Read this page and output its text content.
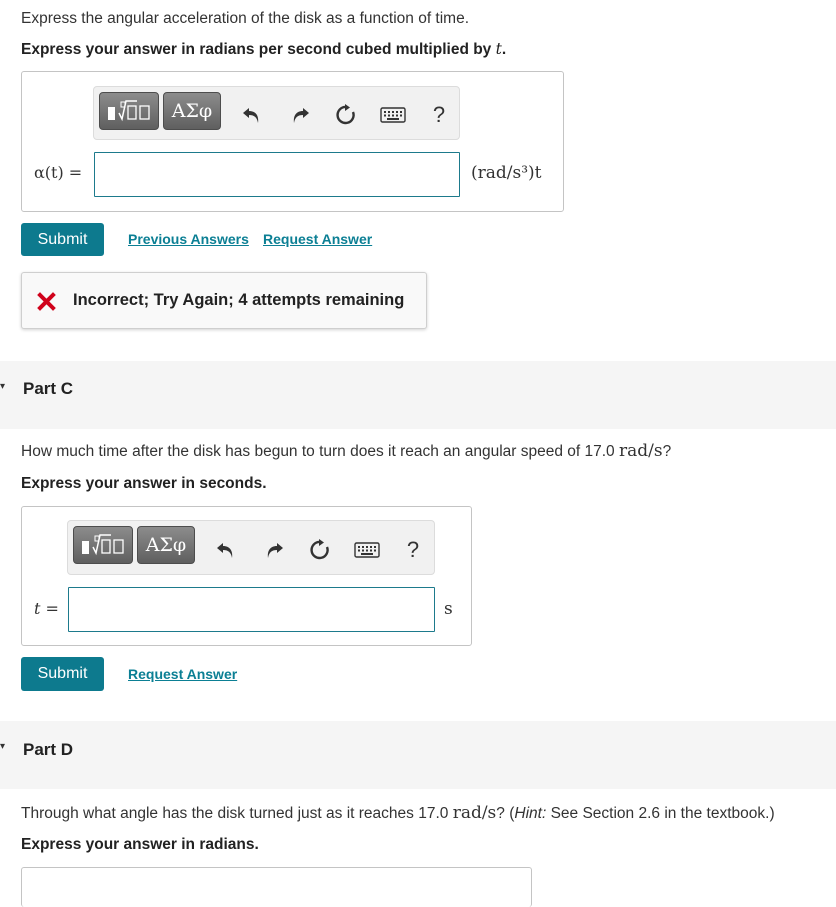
Express the angular acceleration of the disk as a function of time.
Express your answer in radians per second cubed multiplied by t.
ΑΣφ	?
α(t) =	(rad/s³)t
Submit	Previous Answers Request Answer
Incorrect; Try Again; 4 attempts remaining
▾ Part C
How much time after the disk has begun to turn does it reach an angular speed of 17.0 rad/s?
Express your answer in seconds.
ΑΣφ	?
t =	s
Submit	Request Answer
▾ Part D
Through what angle has the disk turned just as it reaches 17.0 rad/s? (Hint: See Section 2.6 in the textbook.)
Express your answer in radians.
